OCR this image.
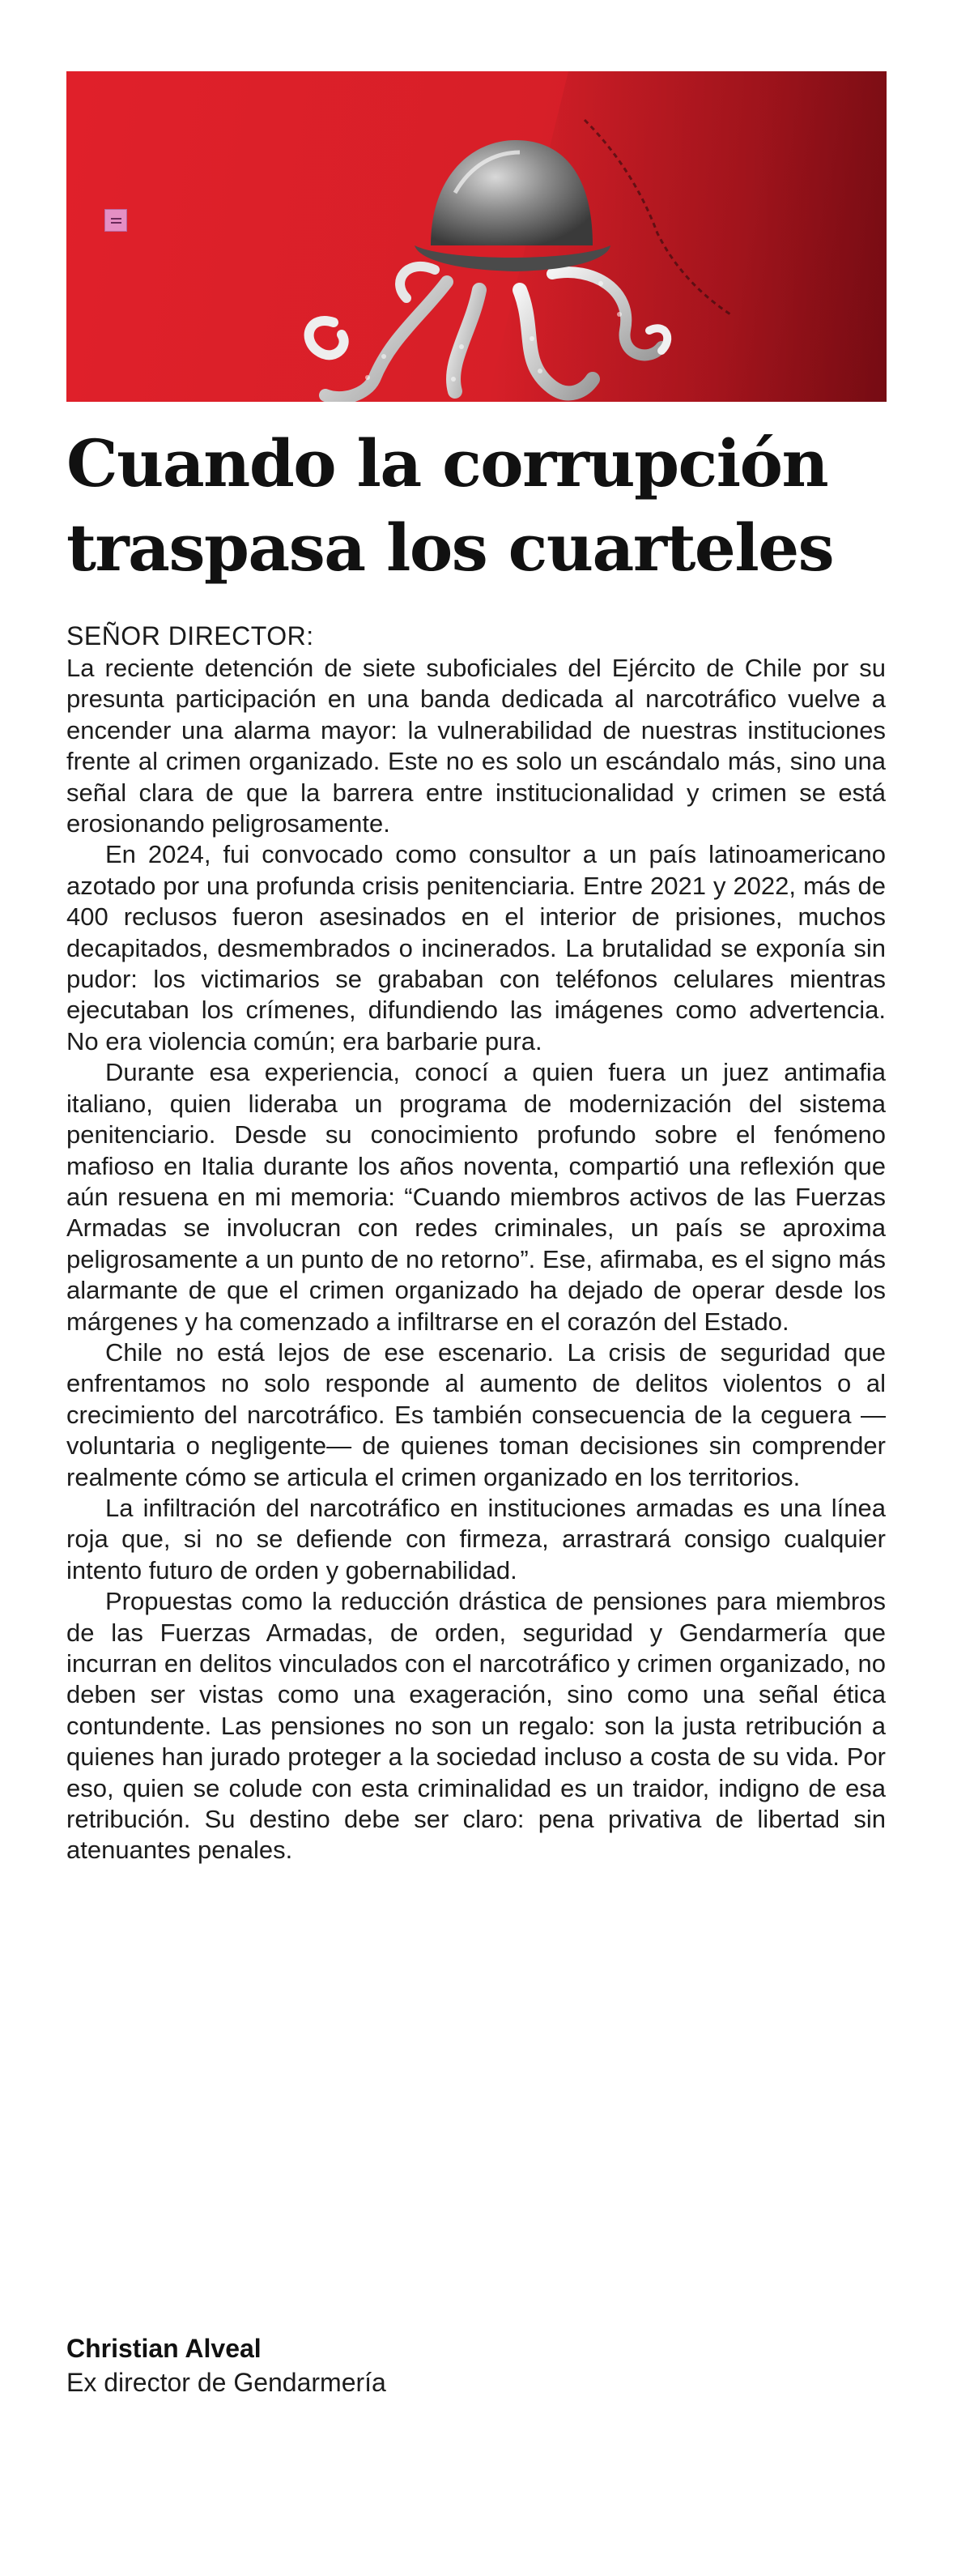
Cuando la corrupción
traspasa los cuarteles
SEÑOR DIRECTOR:

La reciente detención de siete suboficiales del Ejército de Chile por su presunta participación en una banda dedicada al narcotráfico vuelve a encender una alarma mayor: la vulnerabilidad de nuestras instituciones frente al crimen organizado. Este no es solo un escándalo más, sino una señal clara de que la barrera entre institucionalidad y crimen se está erosionando peligrosamente.

En 2024, fui convocado como consultor a un país latinoamericano azotado por una profunda crisis penitenciaria. Entre 2021 y 2022, más de 400 reclusos fueron asesinados en el interior de prisiones, muchos decapitados, desmembrados o incinerados. La brutalidad se exponía sin pudor: los victimarios se grababan con teléfonos celulares mientras ejecutaban los crímenes, difundiendo las imágenes como advertencia. No era violencia común; era barbarie pura.

Durante esa experiencia, conocí a quien fuera un juez antimafia italiano, quien lideraba un programa de modernización del sistema penitenciario. Desde su conocimiento profundo sobre el fenómeno mafioso en Italia durante los años noventa, compartió una reflexión que aún resuena en mi memoria: “Cuando miembros activos de las Fuerzas Armadas se involucran con redes criminales, un país se aproxima peligrosamente a un punto de no retorno”. Ese, afirmaba, es el signo más alarmante de que el crimen organizado ha dejado de operar desde los márgenes y ha comenzado a infiltrarse en el corazón del Estado.

Chile no está lejos de ese escenario. La crisis de seguridad que enfrentamos no solo responde al aumento de delitos violentos o al crecimiento del narcotráfico. Es también consecuencia de la ceguera —voluntaria o negligente— de quienes toman decisiones sin comprender realmente cómo se articula el crimen organizado en los territorios.

La infiltración del narcotráfico en instituciones armadas es una línea roja que, si no se defiende con firmeza, arrastrará consigo cualquier intento futuro de orden y gobernabilidad.

Propuestas como la reducción drástica de pensiones para miembros de las Fuerzas Armadas, de orden, seguridad y Gendarmería que incurran en delitos vinculados con el narcotráfico y crimen organizado, no deben ser vistas como una exageración, sino como una señal ética contundente. Las pensiones no son un regalo: son la justa retribución a quienes han jurado proteger a la sociedad incluso a costa de su vida. Por eso, quien se colude con esta criminalidad es un traidor, indigno de esa retribución. Su destino debe ser claro: pena privativa de libertad sin atenuantes penales.

Christian Alveal
Ex director de Gendarmería
